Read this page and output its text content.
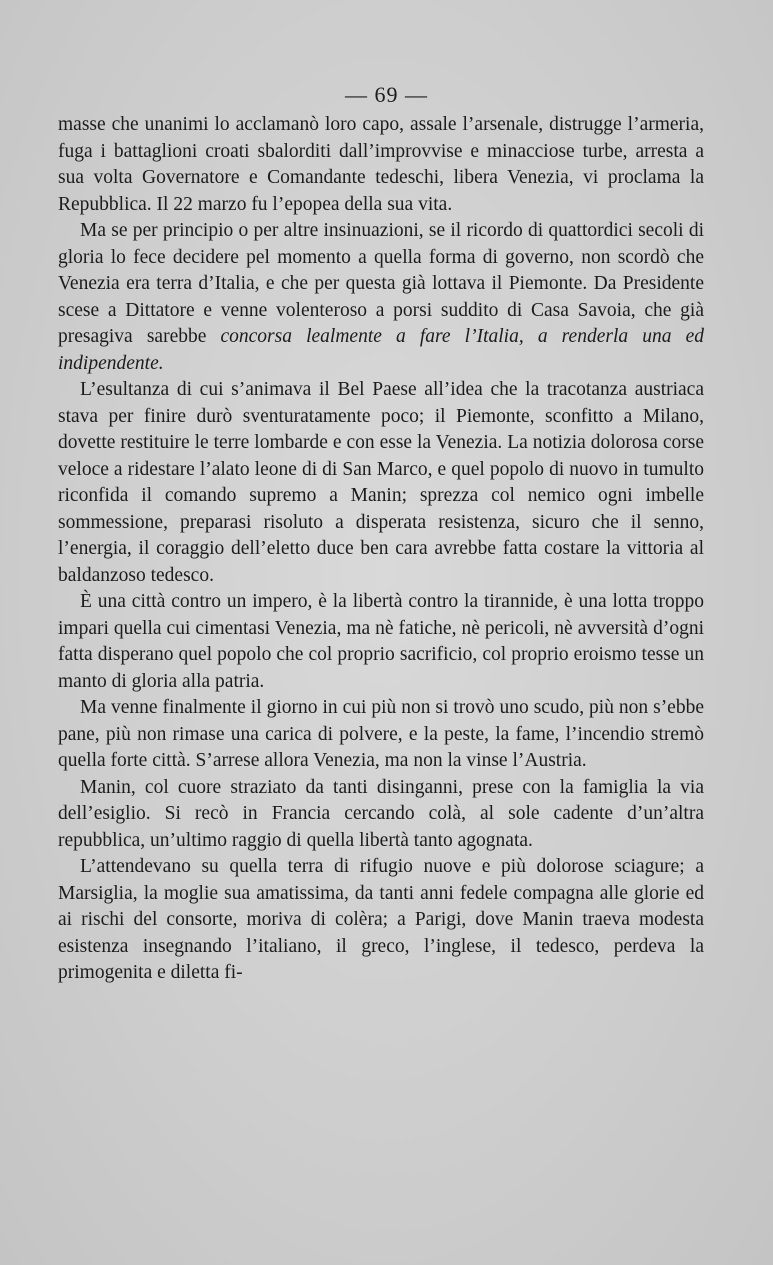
— 69 —

masse che unanimi lo acclamanò loro capo, assale l’arsenale, distrugge l’armeria, fuga i battaglioni croati sbalorditi dall’improvvise e minacciose turbe, arresta a sua volta Governatore e Comandante tedeschi, libera Venezia, vi proclama la Repubblica. Il 22 marzo fu l’epopea della sua vita.

Ma se per principio o per altre insinuazioni, se il ricordo di quattordici secoli di gloria lo fece decidere pel momento a quella forma di governo, non scordò che Venezia era terra d’Italia, e che per questa già lottava il Piemonte. Da Presidente scese a Dittatore e venne volenteroso a porsi suddito di Casa Savoia, che già presagiva sarebbe concorsa lealmente a fare l’Italia, a renderla una ed indipendente.

L’esultanza di cui s’animava il Bel Paese all’idea che la tracotanza austriaca stava per finire durò sventuratamente poco; il Piemonte, sconfitto a Milano, dovette restituire le terre lombarde e con esse la Venezia. La notizia dolorosa corse veloce a ridestare l’alato leone di di San Marco, e quel popolo di nuovo in tumulto riconfida il comando supremo a Manin; sprezza col nemico ogni imbelle sommessione, preparasi risoluto a disperata resistenza, sicuro che il senno, l’energia, il coraggio dell’eletto duce ben cara avrebbe fatta costare la vittoria al baldanzoso tedesco.

È una città contro un impero, è la libertà contro la tirannide, è una lotta troppo impari quella cui cimentasi Venezia, ma nè fatiche, nè pericoli, nè avversità d’ogni fatta disperano quel popolo che col proprio sacrificio, col proprio eroismo tesse un manto di gloria alla patria.

Ma venne finalmente il giorno in cui più non si trovò uno scudo, più non s’ebbe pane, più non rimase una carica di polvere, e la peste, la fame, l’incendio stremò quella forte città. S’arrese allora Venezia, ma non la vinse l’Austria.

Manin, col cuore straziato da tanti disinganni, prese con la famiglia la via dell’esiglio. Si recò in Francia cercando colà, al sole cadente d’un’altra repubblica, un’ultimo raggio di quella libertà tanto agognata.

L’attendevano su quella terra di rifugio nuove e più dolorose sciagure; a Marsiglia, la moglie sua amatissima, da tanti anni fedele compagna alle glorie ed ai rischi del consorte, moriva di colèra; a Parigi, dove Manin traeva modesta esistenza insegnando l’italiano, il greco, l’inglese, il tedesco, perdeva la primogenita e diletta fi-
